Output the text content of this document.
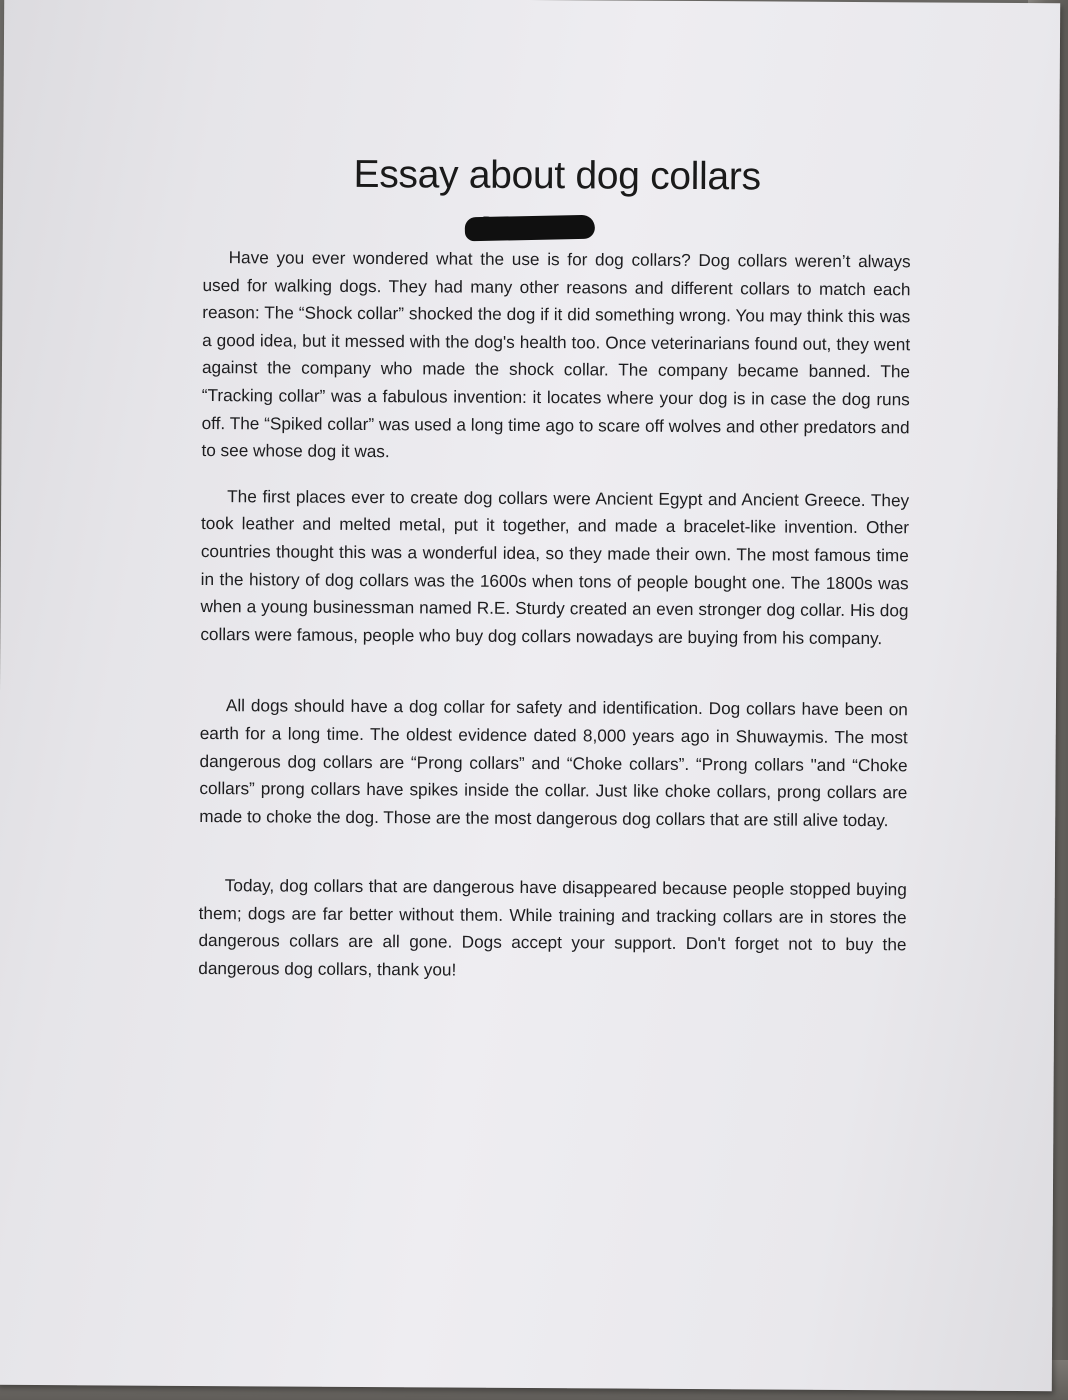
Essay about dog collars

Have you ever wondered what the use is for dog collars? Dog collars weren’t always used for walking dogs. They had many other reasons and different collars to match each reason: The “Shock collar” shocked the dog if it did something wrong. You may think this was a good idea, but it messed with the dog's health too. Once veterinarians found out, they went against the company who made the shock collar. The company became banned. The “Tracking collar” was a fabulous invention: it locates where your dog is in case the dog runs off. The “Spiked collar” was used a long time ago to scare off wolves and other predators and to see whose dog it was.

The first places ever to create dog collars were Ancient Egypt and Ancient Greece. They took leather and melted metal, put it together, and made a bracelet-like invention. Other countries thought this was a wonderful idea, so they made their own. The most famous time in the history of dog collars was the 1600s when tons of people bought one. The 1800s was when a young businessman named R.E. Sturdy created an even stronger dog collar. His dog collars were famous, people who buy dog collars nowadays are buying from his company.

All dogs should have a dog collar for safety and identification. Dog collars have been on earth for a long time. The oldest evidence dated 8,000 years ago in Shuwaymis. The most dangerous dog collars are “Prong collars” and “Choke collars”. “Prong collars "and “Choke collars” prong collars have spikes inside the collar. Just like choke collars, prong collars are made to choke the dog. Those are the most dangerous dog collars that are still alive today.

Today, dog collars that are dangerous have disappeared because people stopped buying them; dogs are far better without them. While training and tracking collars are in stores the dangerous collars are all gone. Dogs accept your support. Don't forget not to buy the dangerous dog collars, thank you!
